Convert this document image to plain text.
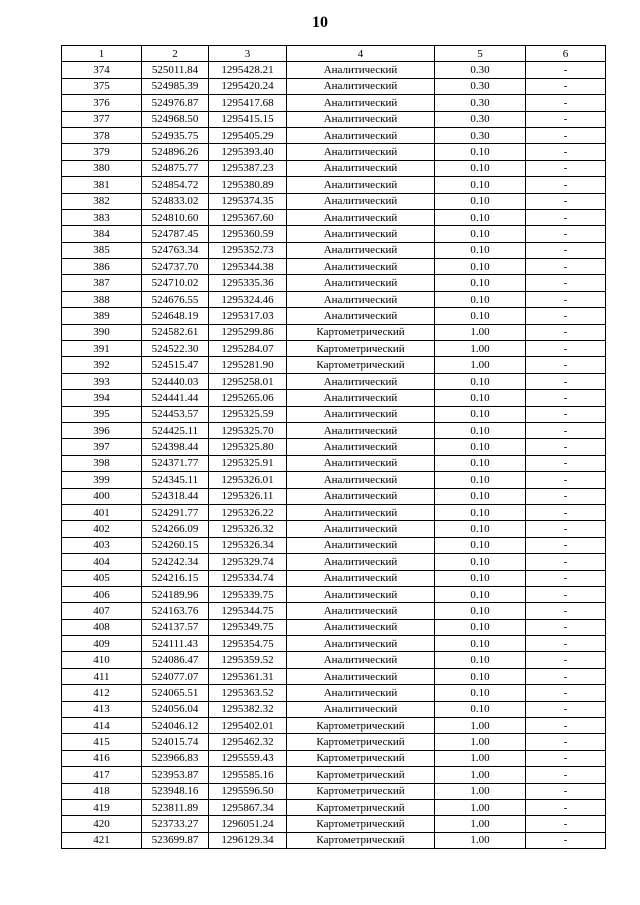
10
1	2	3	4	5	6
374	525011.84	1295428.21	Аналитический	0.30	-
375	524985.39	1295420.24	Аналитический	0.30	-
376	524976.87	1295417.68	Аналитический	0.30	-
377	524968.50	1295415.15	Аналитический	0.30	-
378	524935.75	1295405.29	Аналитический	0.30	-
379	524896.26	1295393.40	Аналитический	0.10	-
380	524875.77	1295387.23	Аналитический	0.10	-
381	524854.72	1295380.89	Аналитический	0.10	-
382	524833.02	1295374.35	Аналитический	0.10	-
383	524810.60	1295367.60	Аналитический	0.10	-
384	524787.45	1295360.59	Аналитический	0.10	-
385	524763.34	1295352.73	Аналитический	0.10	-
386	524737.70	1295344.38	Аналитический	0.10	-
387	524710.02	1295335.36	Аналитический	0.10	-
388	524676.55	1295324.46	Аналитический	0.10	-
389	524648.19	1295317.03	Аналитический	0.10	-
390	524582.61	1295299.86	Картометрический	1.00	-
391	524522.30	1295284.07	Картометрический	1.00	-
392	524515.47	1295281.90	Картометрический	1.00	-
393	524440.03	1295258.01	Аналитический	0.10	-
394	524441.44	1295265.06	Аналитический	0.10	-
395	524453.57	1295325.59	Аналитический	0.10	-
396	524425.11	1295325.70	Аналитический	0.10	-
397	524398.44	1295325.80	Аналитический	0.10	-
398	524371.77	1295325.91	Аналитический	0.10	-
399	524345.11	1295326.01	Аналитический	0.10	-
400	524318.44	1295326.11	Аналитический	0.10	-
401	524291.77	1295326.22	Аналитический	0.10	-
402	524266.09	1295326.32	Аналитический	0.10	-
403	524260.15	1295326.34	Аналитический	0.10	-
404	524242.34	1295329.74	Аналитический	0.10	-
405	524216.15	1295334.74	Аналитический	0.10	-
406	524189.96	1295339.75	Аналитический	0.10	-
407	524163.76	1295344.75	Аналитический	0.10	-
408	524137.57	1295349.75	Аналитический	0.10	-
409	524111.43	1295354.75	Аналитический	0.10	-
410	524086.47	1295359.52	Аналитический	0.10	-
411	524077.07	1295361.31	Аналитический	0.10	-
412	524065.51	1295363.52	Аналитический	0.10	-
413	524056.04	1295382.32	Аналитический	0.10	-
414	524046.12	1295402.01	Картометрический	1.00	-
415	524015.74	1295462.32	Картометрический	1.00	-
416	523966.83	1295559.43	Картометрический	1.00	-
417	523953.87	1295585.16	Картометрический	1.00	-
418	523948.16	1295596.50	Картометрический	1.00	-
419	523811.89	1295867.34	Картометрический	1.00	-
420	523733.27	1296051.24	Картометрический	1.00	-
421	523699.87	1296129.34	Картометрический	1.00	-
